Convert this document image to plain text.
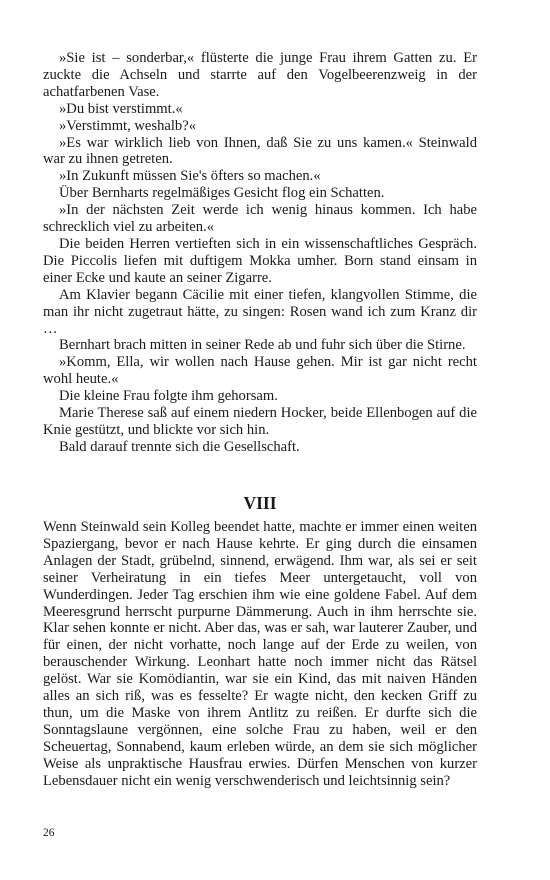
»Sie ist – sonderbar,« flüsterte die junge Frau ihrem Gatten zu. Er zuckte die Achseln und starrte auf den Vogelbeerenzweig in der achatfarbenen Vase.

»Du bist verstimmt.«

»Verstimmt, weshalb?«

»Es war wirklich lieb von Ihnen, daß Sie zu uns kamen.« Steinwald war zu ihnen getreten.

»In Zukunft müssen Sie's öfters so machen.«

Über Bernharts regelmäßiges Gesicht flog ein Schatten.

»In der nächsten Zeit werde ich wenig hinaus kommen. Ich habe schrecklich viel zu arbeiten.«

Die beiden Herren vertieften sich in ein wissenschaftliches Gespräch. Die Piccolis liefen mit duftigem Mokka umher. Born stand einsam in einer Ecke und kaute an seiner Zigarre.

Am Klavier begann Cäcilie mit einer tiefen, klangvollen Stimme, die man ihr nicht zugetraut hätte, zu singen: Rosen wand ich zum Kranz dir …

Bernhart brach mitten in seiner Rede ab und fuhr sich über die Stirne.

»Komm, Ella, wir wollen nach Hause gehen. Mir ist gar nicht recht wohl heute.«

Die kleine Frau folgte ihm gehorsam.

Marie Therese saß auf einem niedern Hocker, beide Ellenbogen auf die Knie gestützt, und blickte vor sich hin.

Bald darauf trennte sich die Gesellschaft.

VIII

Wenn Steinwald sein Kolleg beendet hatte, machte er immer einen weiten Spaziergang, bevor er nach Hause kehrte. Er ging durch die einsamen Anlagen der Stadt, grübelnd, sinnend, erwägend. Ihm war, als sei er seit seiner Verheiratung in ein tiefes Meer untergetaucht, voll von Wunderdingen. Jeder Tag erschien ihm wie eine goldene Fabel. Auf dem Meeresgrund herrscht purpurne Dämmerung. Auch in ihm herrschte sie. Klar sehen konnte er nicht. Aber das, was er sah, war lauterer Zauber, und für einen, der nicht vorhatte, noch lange auf der Erde zu weilen, von berauschender Wirkung. Leonhart hatte noch immer nicht das Rätsel gelöst. War sie Komödiantin, war sie ein Kind, das mit naiven Händen alles an sich riß, was es fesselte? Er wagte nicht, den kecken Griff zu thun, um die Maske von ihrem Antlitz zu reißen. Er durfte sich die Sonntagslaune vergönnen, eine solche Frau zu haben, weil er den Scheuertag, Sonnabend, kaum erleben würde, an dem sie sich möglicher Weise als unpraktische Hausfrau erwies. Dürfen Menschen von kurzer Lebensdauer nicht ein wenig verschwenderisch und leichtsinnig sein?

26
